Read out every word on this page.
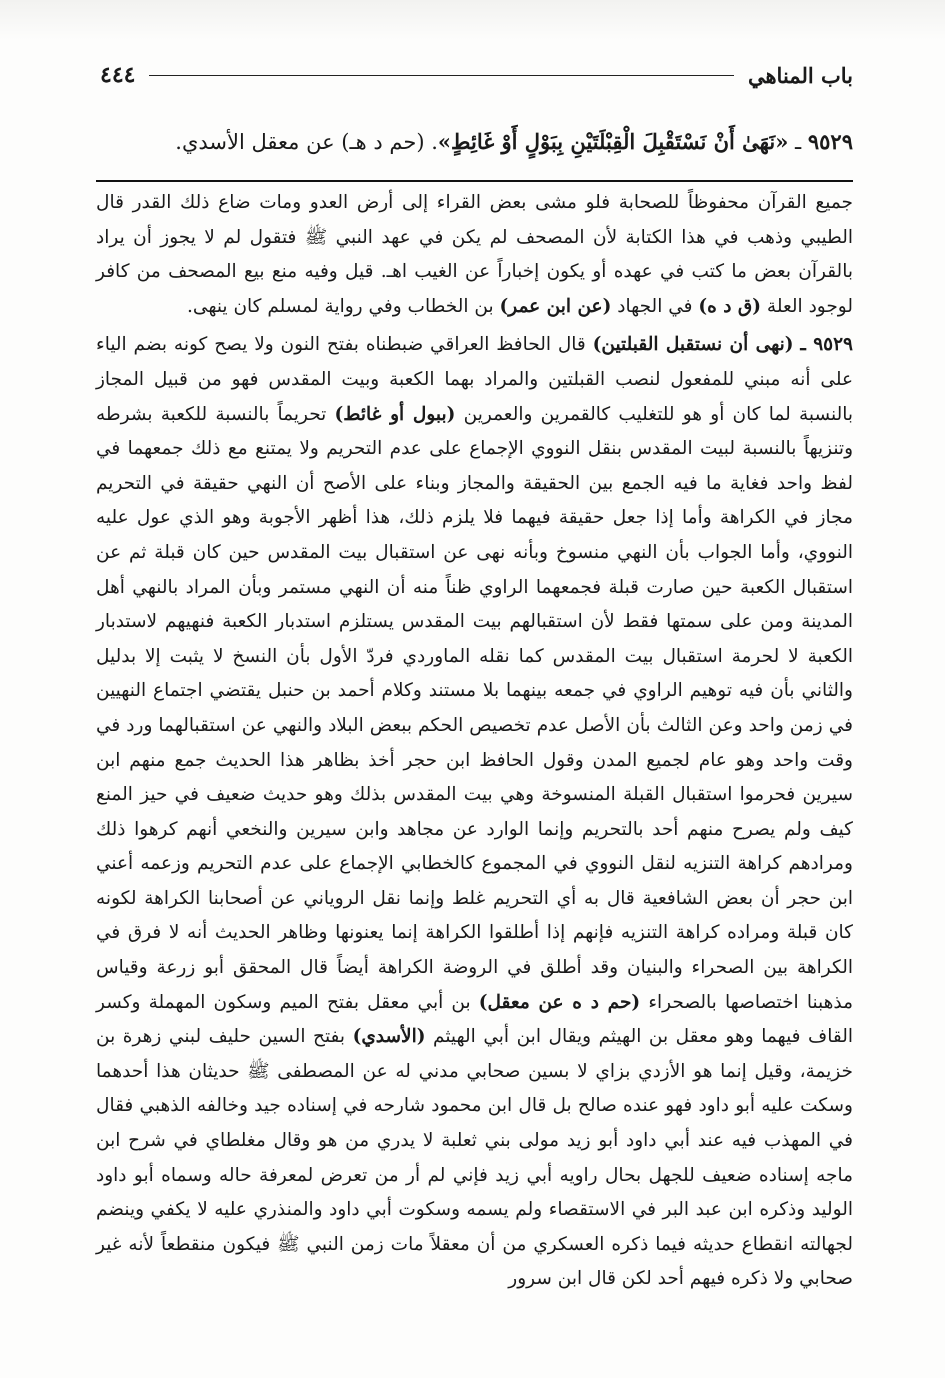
باب المناهي
٤٤٤
٩٥٢٩ ـ «نَهَىٰ أَنْ نَسْتَقْبِلَ الْقِبْلَتَيْنِ بِبَوْلٍ أَوْ غَائِطٍ». (حم د هـ) عن معقل الأسدي.

جميع القرآن محفوظاً للصحابة فلو مشى بعض القراء إلى أرض العدو ومات ضاع ذلك القدر قال الطيبي وذهب في هذا الكتابة لأن المصحف لم يكن في عهد النبي ﷺ فتقول لم لا يجوز أن يراد بالقرآن بعض ما كتب في عهده أو يكون إخباراً عن الغيب اهـ. قيل وفيه منع بيع المصحف من كافر لوجود العلة (ق د ه) في الجهاد (عن ابن عمر) بن الخطاب وفي رواية لمسلم كان ينهى.

٩٥٢٩ ـ (نهى أن نستقبل القبلتين) قال الحافظ العراقي ضبطناه بفتح النون ولا يصح كونه بضم الياء على أنه مبني للمفعول لنصب القبلتين والمراد بهما الكعبة وبيت المقدس فهو من قبيل المجاز بالنسبة لما كان أو هو للتغليب كالقمرين والعمرين (ببول أو غائط) تحريماً بالنسبة للكعبة بشرطه وتنزيهاً بالنسبة لبيت المقدس بنقل النووي الإجماع على عدم التحريم ولا يمتنع مع ذلك جمعهما في لفظ واحد فغاية ما فيه الجمع بين الحقيقة والمجاز وبناء على الأصح أن النهي حقيقة في التحريم مجاز في الكراهة وأما إذا جعل حقيقة فيهما فلا يلزم ذلك، هذا أظهر الأجوبة وهو الذي عول عليه النووي، وأما الجواب بأن النهي منسوخ وبأنه نهى عن استقبال بيت المقدس حين كان قبلة ثم عن استقبال الكعبة حين صارت قبلة فجمعهما الراوي ظناً منه أن النهي مستمر وبأن المراد بالنهي أهل المدينة ومن على سمتها فقط لأن استقبالهم بيت المقدس يستلزم استدبار الكعبة فنهيهم لاستدبار الكعبة لا لحرمة استقبال بيت المقدس كما نقله الماوردي فردّ الأول بأن النسخ لا يثبت إلا بدليل والثاني بأن فيه توهيم الراوي في جمعه بينهما بلا مستند وكلام أحمد بن حنبل يقتضي اجتماع النهيين في زمن واحد وعن الثالث بأن الأصل عدم تخصيص الحكم ببعض البلاد والنهي عن استقبالهما ورد في وقت واحد وهو عام لجميع المدن وقول الحافظ ابن حجر أخذ بظاهر هذا الحديث جمع منهم ابن سيرين فحرموا استقبال القبلة المنسوخة وهي بيت المقدس بذلك وهو حديث ضعيف في حيز المنع كيف ولم يصرح منهم أحد بالتحريم وإنما الوارد عن مجاهد وابن سيرين والنخعي أنهم كرهوا ذلك ومرادهم كراهة التنزيه لنقل النووي في المجموع كالخطابي الإجماع على عدم التحريم وزعمه أعني ابن حجر أن بعض الشافعية قال به أي التحريم غلط وإنما نقل الروياني عن أصحابنا الكراهة لكونه كان قبلة ومراده كراهة التنزيه فإنهم إذا أطلقوا الكراهة إنما يعنونها وظاهر الحديث أنه لا فرق في الكراهة بين الصحراء والبنيان وقد أطلق في الروضة الكراهة أيضاً قال المحقق أبو زرعة وقياس مذهبنا اختصاصها بالصحراء (حم د ه عن معقل) بن أبي معقل بفتح الميم وسكون المهملة وكسر القاف فيهما وهو معقل بن الهيثم ويقال ابن أبي الهيثم (الأسدي) بفتح السين حليف لبني زهرة بن خزيمة، وقيل إنما هو الأزدي بزاي لا بسين صحابي مدني له عن المصطفى ﷺ حديثان هذا أحدهما وسكت عليه أبو داود فهو عنده صالح بل قال ابن محمود شارحه في إسناده جيد وخالفه الذهبي فقال في المهذب فيه عند أبي داود أبو زيد مولى بني ثعلبة لا يدري من هو وقال مغلطاي في شرح ابن ماجه إسناده ضعيف للجهل بحال راويه أبي زيد فإني لم أر من تعرض لمعرفة حاله وسماه أبو داود الوليد وذكره ابن عبد البر في الاستقصاء ولم يسمه وسكوت أبي داود والمنذري عليه لا يكفي وينضم لجهالته انقطاع حديثه فيما ذكره العسكري من أن معقلاً مات زمن النبي ﷺ فيكون منقطعاً لأنه غير صحابي ولا ذكره فيهم أحد لكن قال ابن سرور
